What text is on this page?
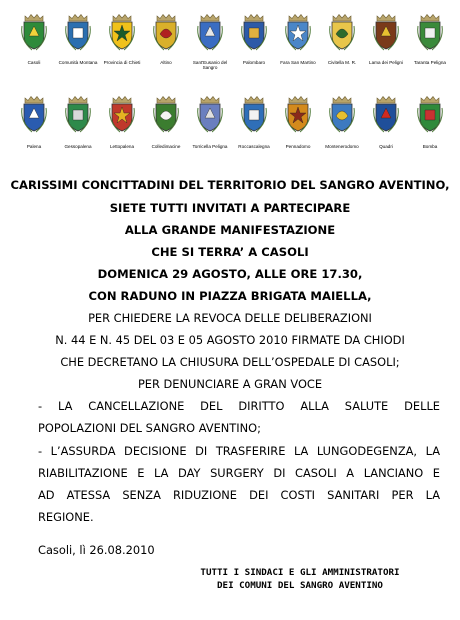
Casoli	Comunità Montana	Provincia di Chieti	Altino	Sant'Eusanio del Sangro
Palombaro	Fara San Martino	Civitella M. R.	Lama dei Peligni	Taranta Peligna
Palena	Gessopalena	Lettopalena	Colledimacine	Torricella Peligna	Roccascalegna	Pennadomo	Montenerodomo	Quadri	Bomba
CARISSIMI CONCITTADINI DEL TERRITORIO DEL SANGRO AVENTINO,
SIETE TUTTI INVITATI A PARTECIPARE
ALLA GRANDE MANIFESTAZIONE
CHE SI TERRA’ A CASOLI
DOMENICA 29 AGOSTO, ALLE ORE 17.30,
CON RADUNO IN PIAZZA BRIGATA MAIELLA,
PER CHIEDERE LA REVOCA DELLE DELIBERAZIONI
N. 44 E N. 45 DEL 03 E 05 AGOSTO 2010 FIRMATE DA CHIODI
CHE DECRETANO LA CHIUSURA DELL’OSPEDALE DI CASOLI;
PER DENUNCIARE A GRAN VOCE
- LA CANCELLAZIONE DEL DIRITTO ALLA SALUTE DELLE
POPOLAZIONI DEL SANGRO AVENTINO;
- L’ASSURDA DECISIONE DI TRASFERIRE LA LUNGODEGENZA, LA
RIABILITAZIONE E LA DAY SURGERY DI CASOLI A LANCIANO E
AD ATESSA SENZA RIDUZIONE DEI COSTI SANITARI PER LA
REGIONE.
Casoli, lì 26.08.2010
TUTTI I SINDACI E GLI AMMINISTRATORI
DEI COMUNI DEL SANGRO AVENTINO
